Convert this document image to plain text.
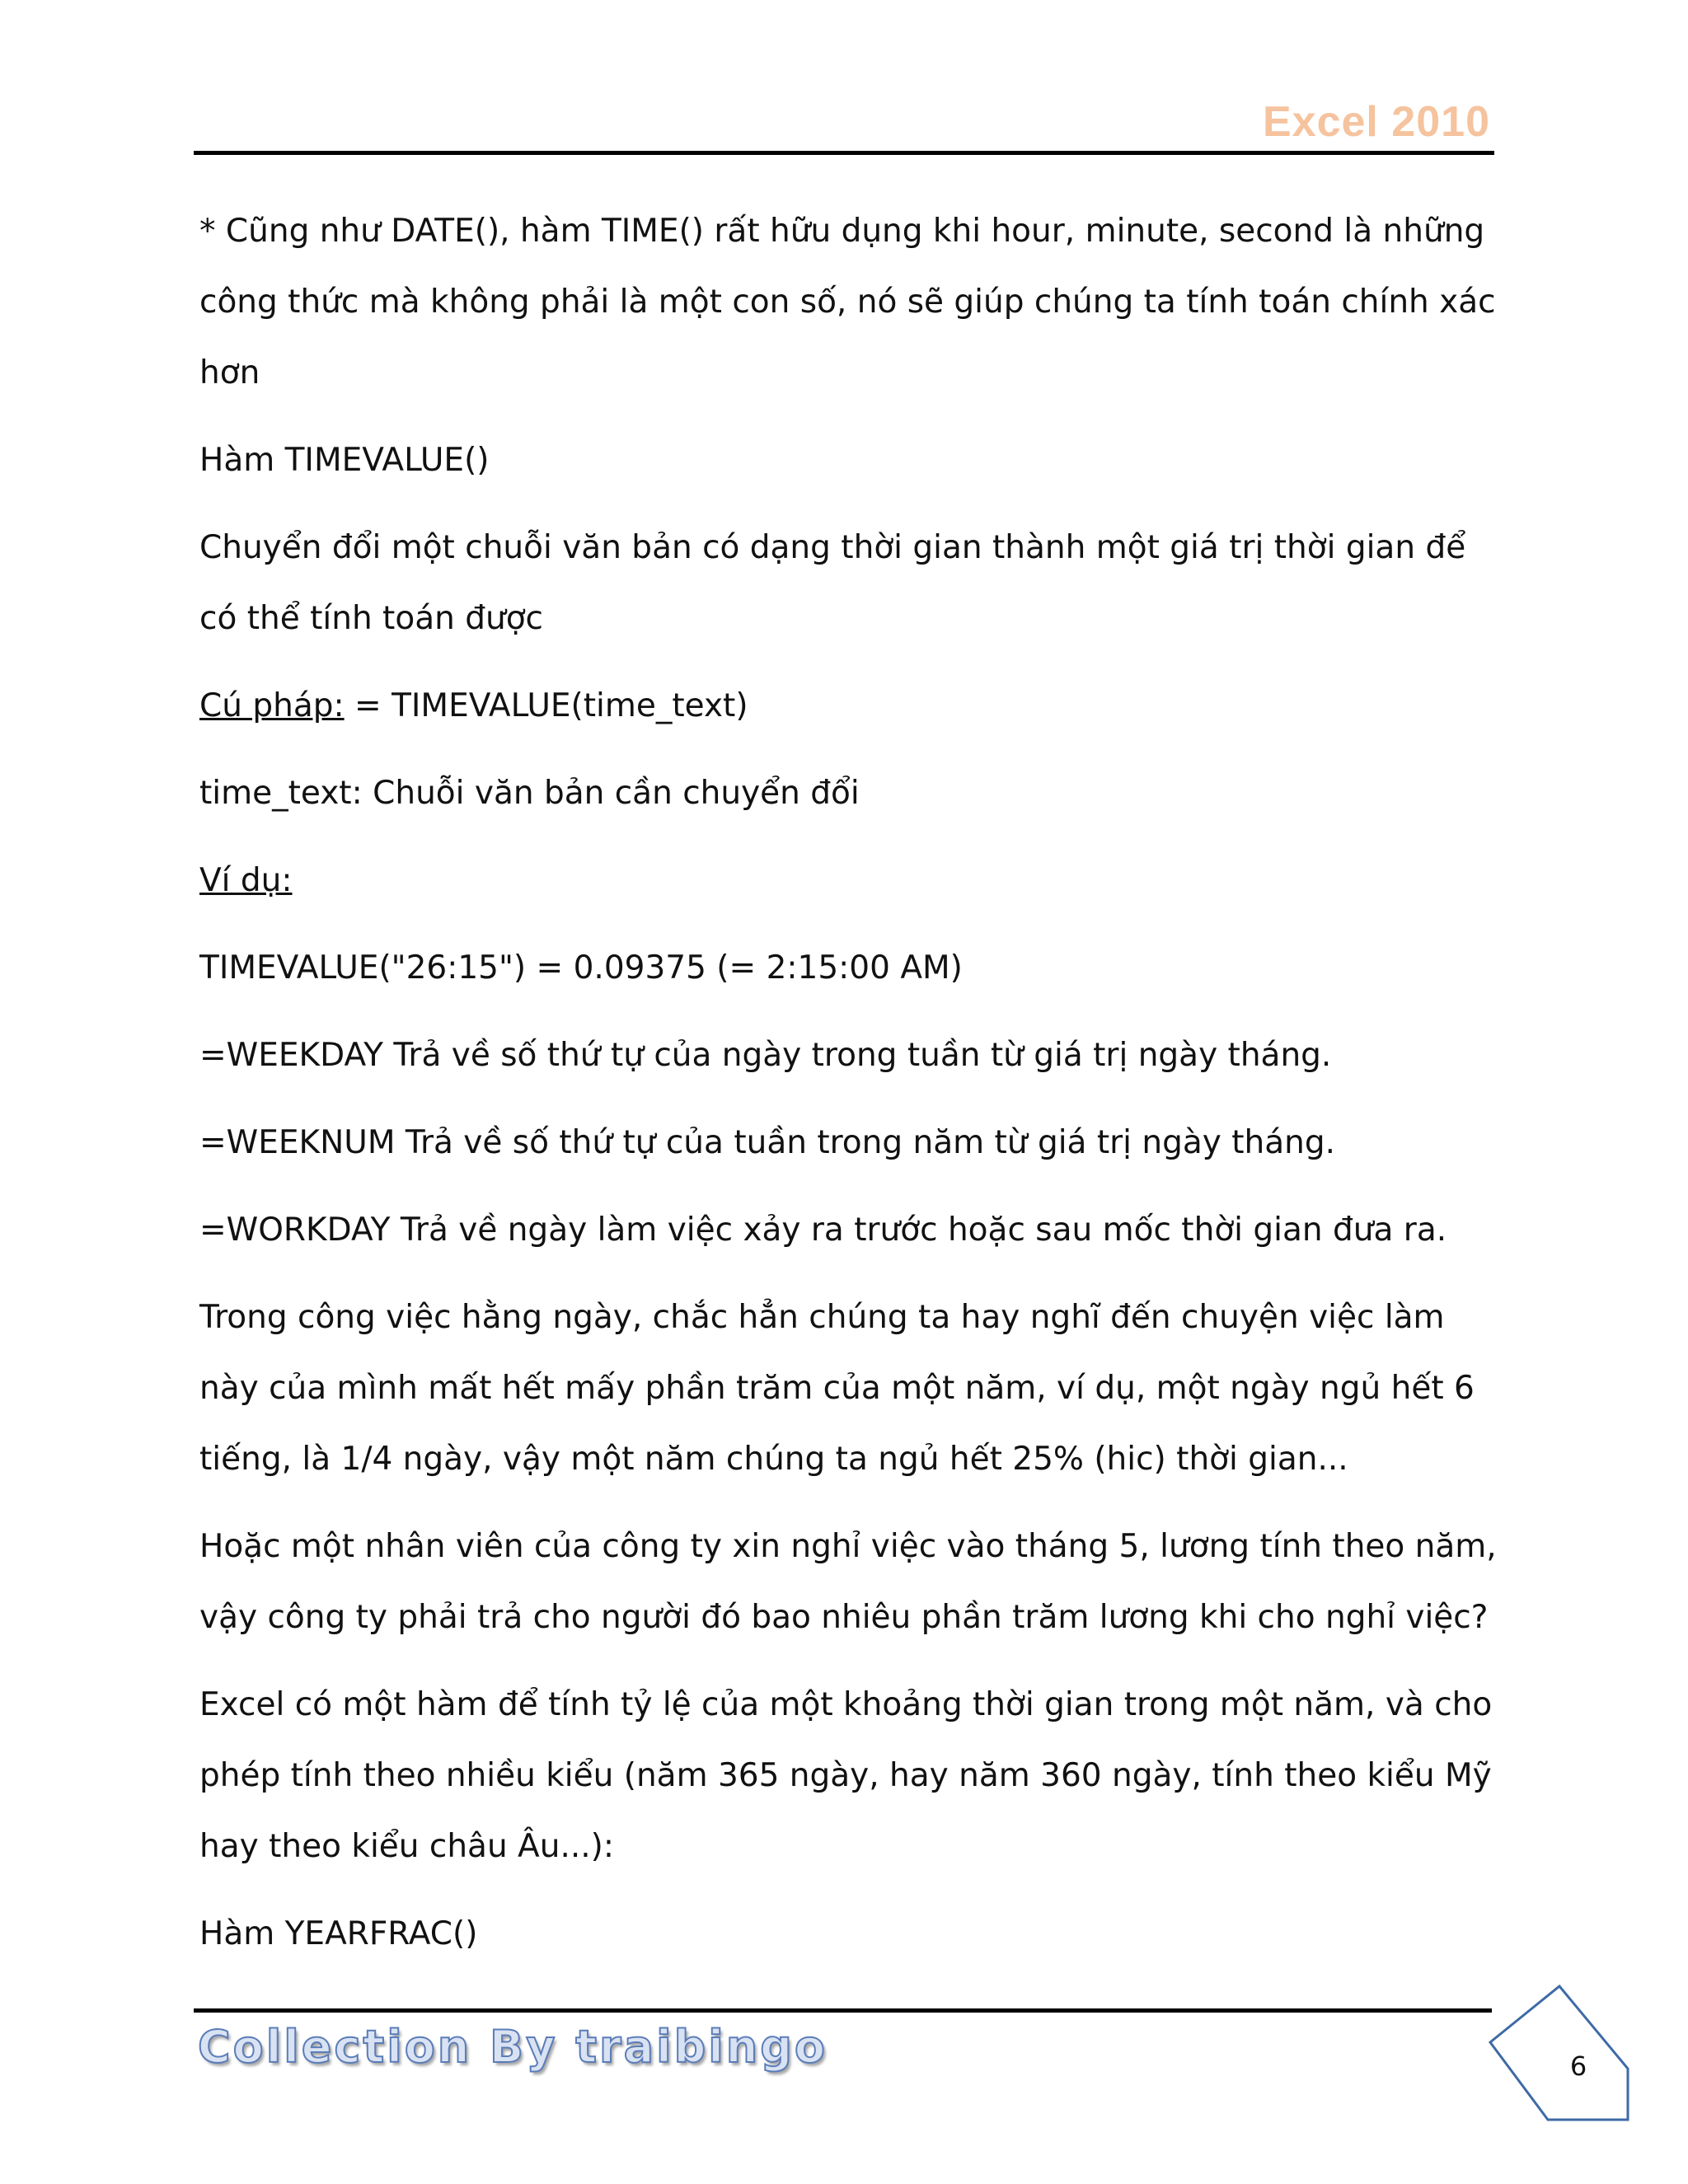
Excel 2010

* Cũng như DATE(), hàm TIME() rất hữu dụng khi hour, minute, second là những công thức mà không phải là một con số, nó sẽ giúp chúng ta tính toán chính xác hơn

Hàm TIMEVALUE()

Chuyển đổi một chuỗi văn bản có dạng thời gian thành một giá trị thời gian để có thể tính toán được

Cú pháp: = TIMEVALUE(time_text)

time_text: Chuỗi văn bản cần chuyển đổi

Ví dụ:

TIMEVALUE("26:15") = 0.09375 (= 2:15:00 AM)

=WEEKDAY Trả về số thứ tự của ngày trong tuần từ giá trị ngày tháng.

=WEEKNUM Trả về số thứ tự của tuần trong năm từ giá trị ngày tháng.

=WORKDAY Trả về ngày làm việc xảy ra trước hoặc sau mốc thời gian đưa ra.

Trong công việc hằng ngày, chắc hẳn chúng ta hay nghĩ đến chuyện việc làm này của mình mất hết mấy phần trăm của một năm, ví dụ, một ngày ngủ hết 6 tiếng, là 1/4 ngày, vậy một năm chúng ta ngủ hết 25% (hic) thời gian...

Hoặc một nhân viên của công ty xin nghỉ việc vào tháng 5, lương tính theo năm, vậy công ty phải trả cho người đó bao nhiêu phần trăm lương khi cho nghỉ việc?

Excel có một hàm để tính tỷ lệ của một khoảng thời gian trong một năm, và cho phép tính theo nhiều kiểu (năm 365 ngày, hay năm 360 ngày, tính theo kiểu Mỹ hay theo kiểu châu Âu...):

Hàm YEARFRAC()

Collection By traibingo	6
